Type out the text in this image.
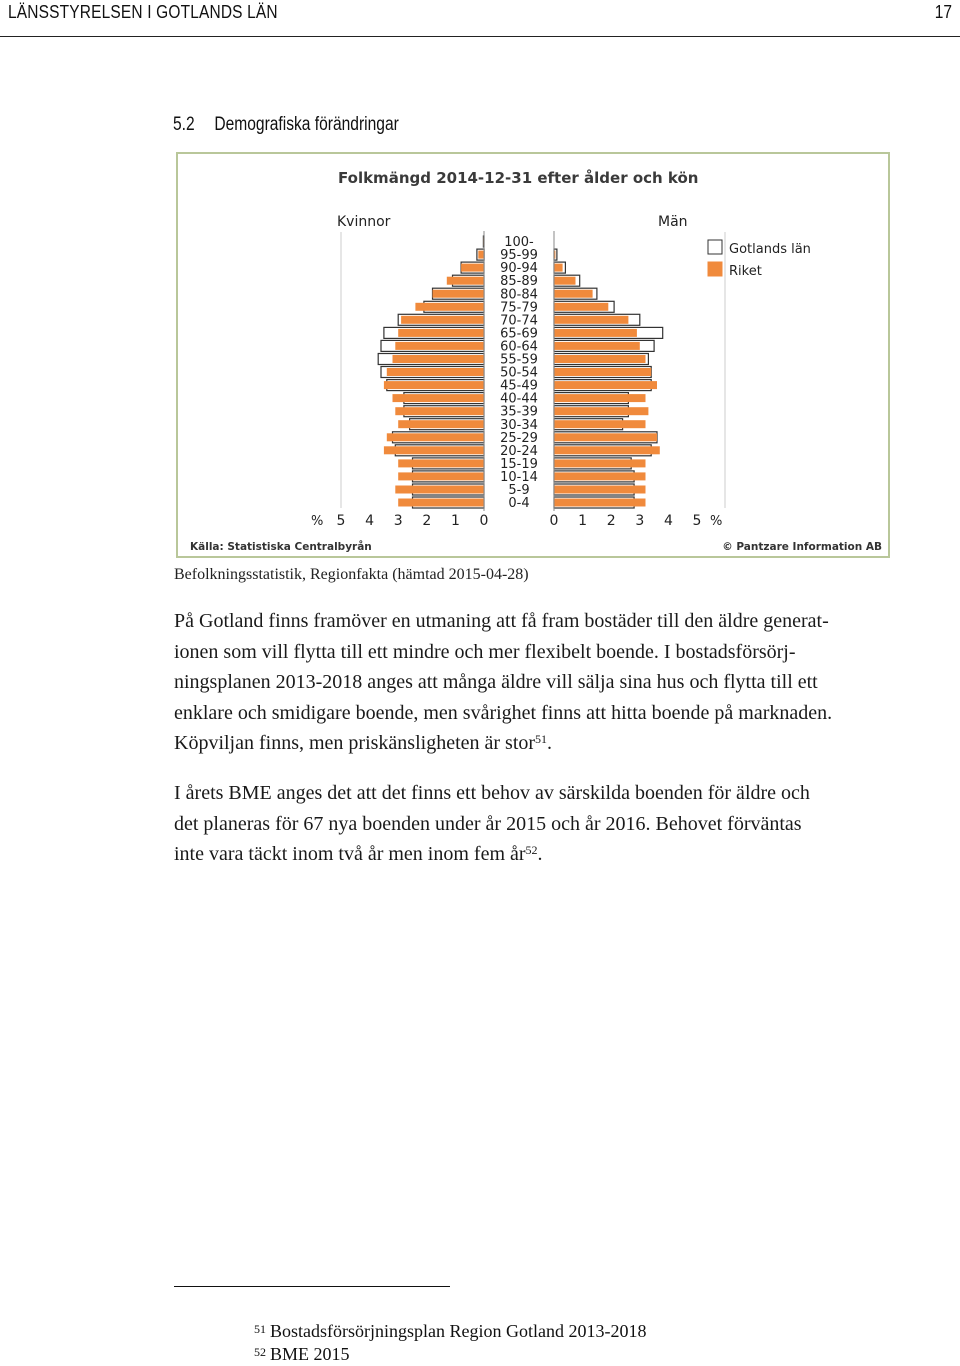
LÄNSSTYRELSEN I GOTLANDS LÄN	17
5.2 Demografiska förändringar
Folkmängd 2014-12-31 efter ålder och kön
Kvinnor	Män
Gotlands län
Riket
100-
95-99
90-94
85-89
80-84
75-79
70-74
65-69
60-64
55-59
50-54
45-49
40-44
35-39
30-34
25-29
20-24
15-19
10-14
5-9
0-4
5 4 3 2 1 0	0 1 2 3 4 5
%	%
Källa: Statistiska Centralbyrån	© Pantzare Information AB
Befolkningsstatistik, Regionfakta (hämtad 2015-04-28)
På Gotland finns framöver en utmaning att få fram bostäder till den äldre generat-
ionen som vill flytta till ett mindre och mer flexibelt boende. I bostadsförsörj-
ningsplanen 2013-2018 anges att många äldre vill sälja sina hus och flytta till ett
enklare och smidigare boende, men svårighet finns att hitta boende på marknaden.
Köpviljan finns, men priskänsligheten är stor$^{51}$.
I årets BME anges det att det finns ett behov av särskilda boenden för äldre och
det planeras för 67 nya boenden under år 2015 och år 2016. Behovet förväntas
inte vara täckt inom två år men inom fem $år^{52}$.
$^{51}$ Bostadsförsörjningsplan Region Gotland 2013-2018
$^{52}$ BME 2015
